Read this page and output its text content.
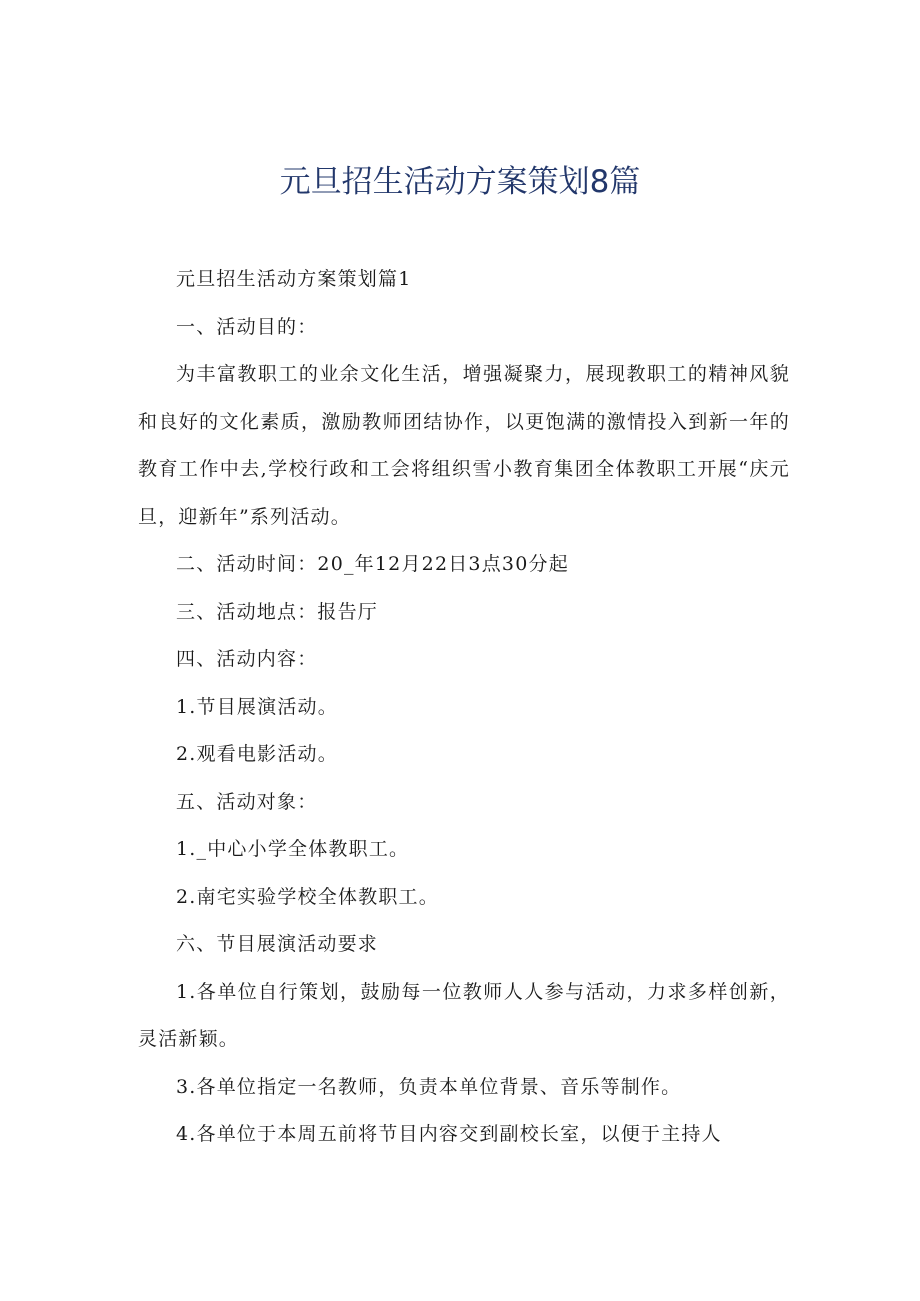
元旦招生活动方案策划8篇

元旦招生活动方案策划篇1

一、活动目的：

为丰富教职工的业余文化生活，增强凝聚力，展现教职工的精神风貌和良好的文化素质，激励教师团结协作，以更饱满的激情投入到新一年的教育工作中去,学校行政和工会将组织雪小教育集团全体教职工开展“庆元旦，迎新年”系列活动。

二、活动时间：20_年12月22日3点30分起

三、活动地点：报告厅

四、活动内容：

1.节目展演活动。

2.观看电影活动。

五、活动对象：

1._中心小学全体教职工。

2.南宅实验学校全体教职工。

六、节目展演活动要求

1.各单位自行策划，鼓励每一位教师人人参与活动，力求多样创新，灵活新颖。

3.各单位指定一名教师，负责本单位背景、音乐等制作。

4.各单位于本周五前将节目内容交到副校长室，以便于主持人
